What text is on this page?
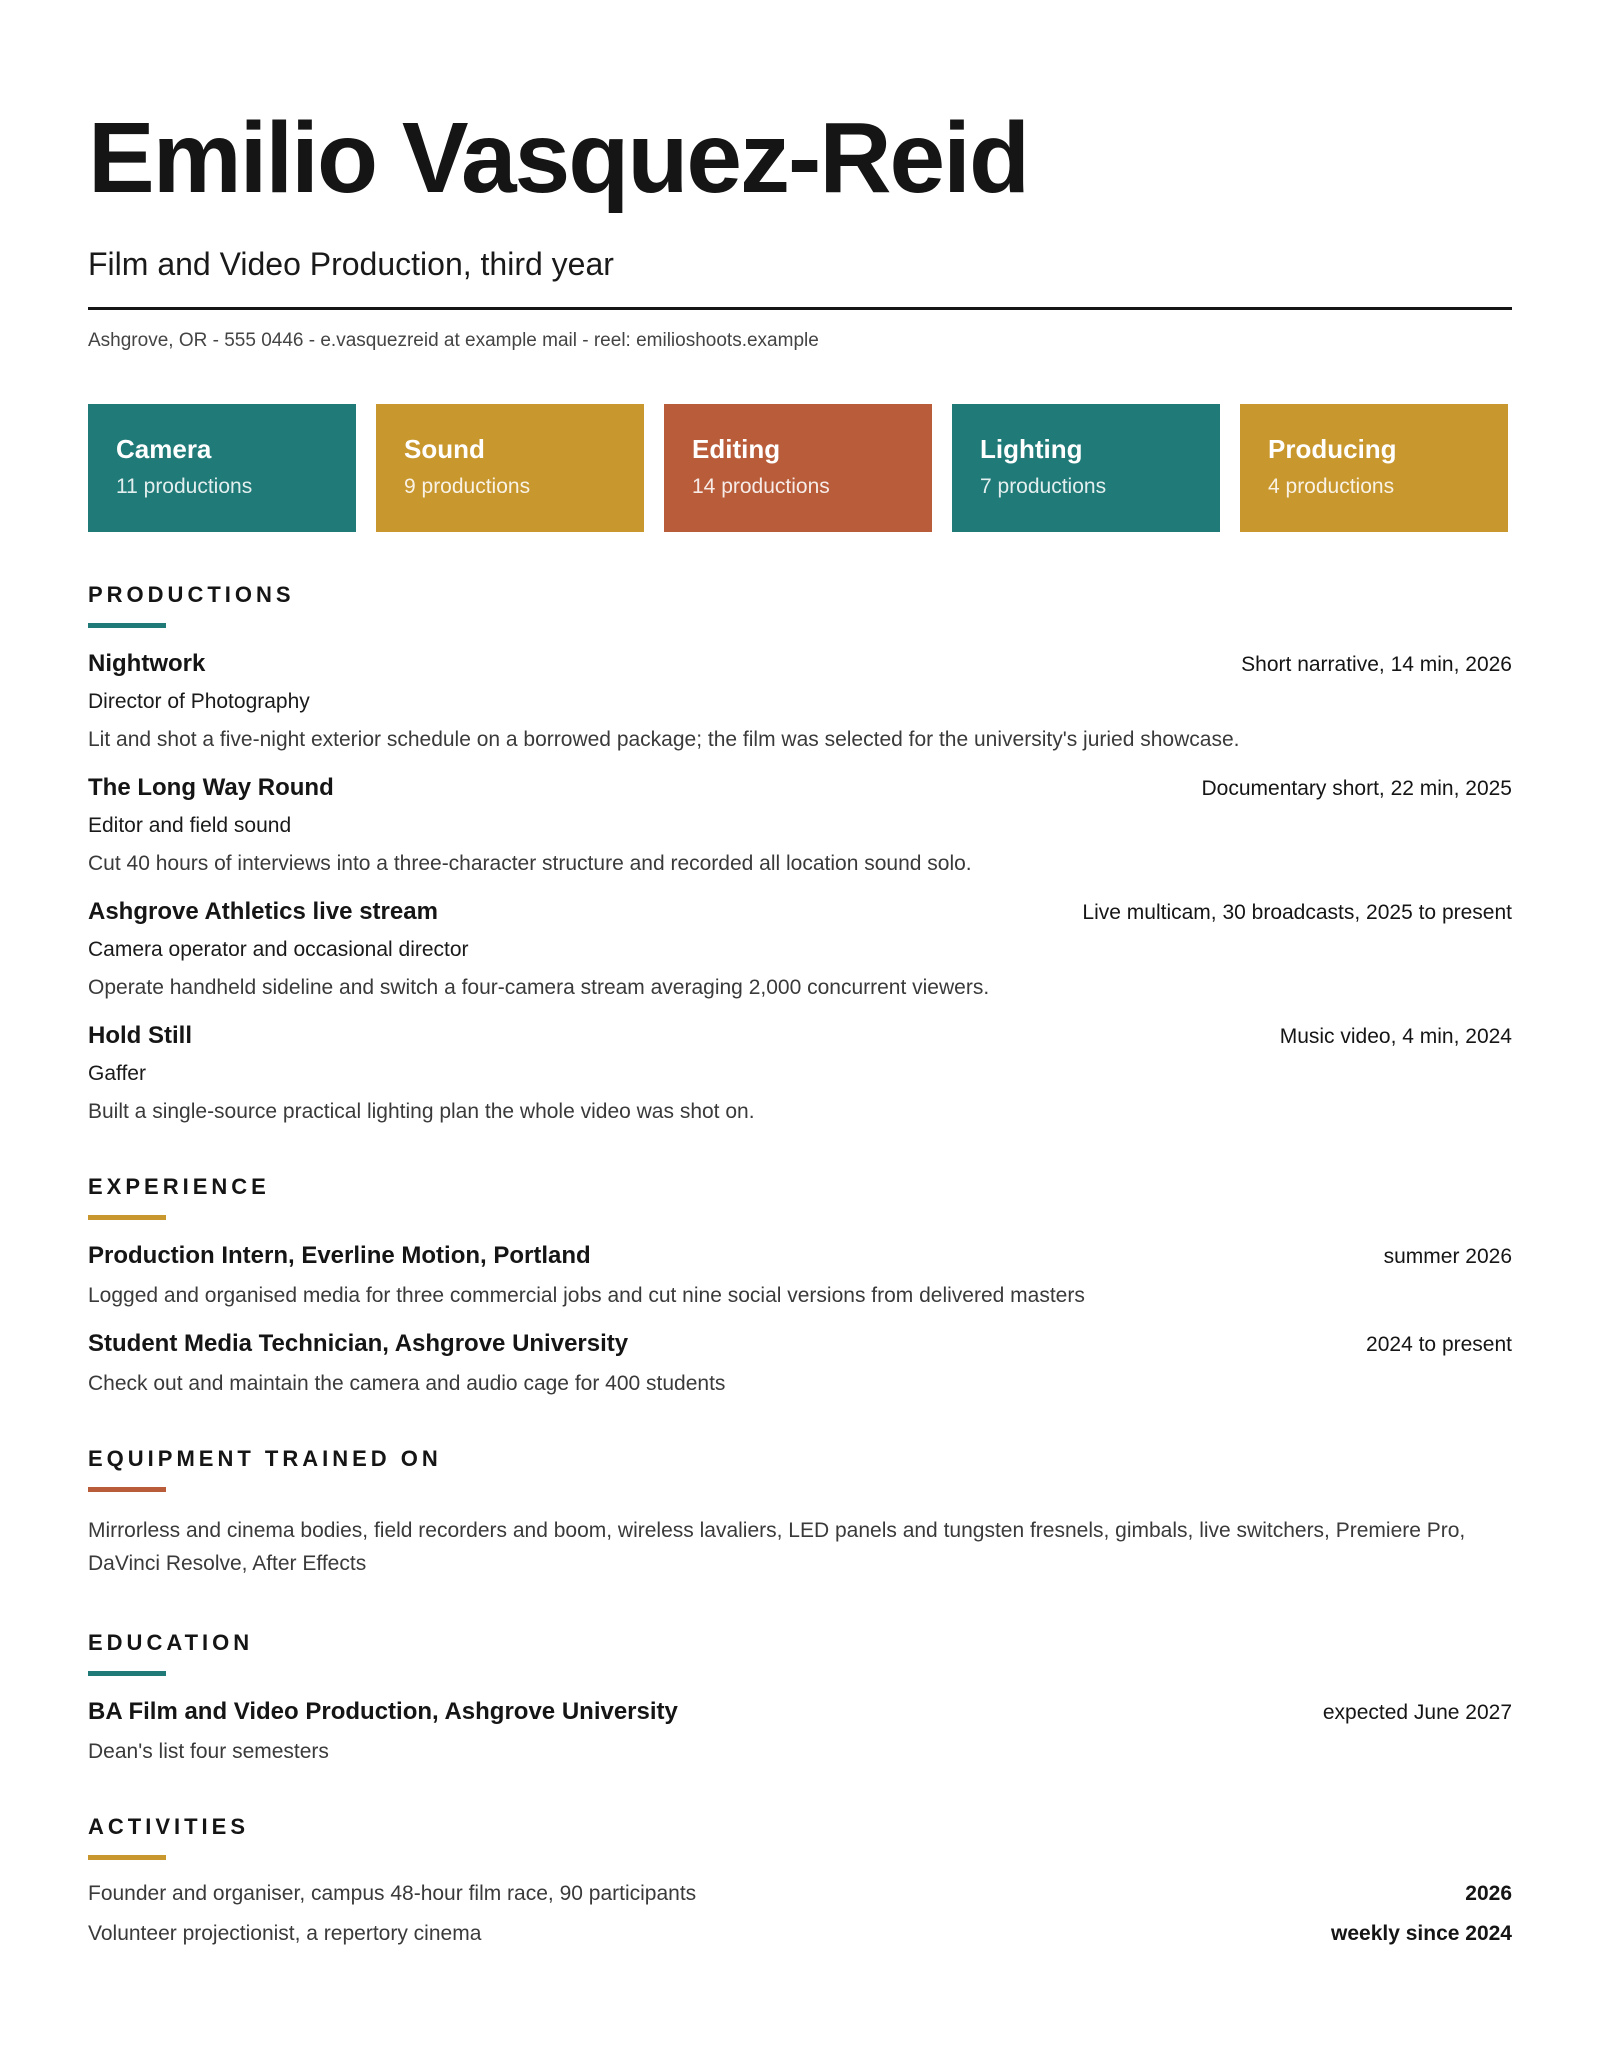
Emilio Vasquez-Reid
Film and Video Production, third year
Ashgrove, OR - 555 0446 - e.vasquezreid at example mail - reel: emilioshoots.example
Camera
11 productions
Sound
9 productions
Editing
14 productions
Lighting
7 productions
Producing
4 productions
PRODUCTIONS
Nightwork	Short narrative, 14 min, 2026
Director of Photography
Lit and shot a five-night exterior schedule on a borrowed package; the film was selected for the university's juried showcase.
The Long Way Round	Documentary short, 22 min, 2025
Editor and field sound
Cut 40 hours of interviews into a three-character structure and recorded all location sound solo.
Ashgrove Athletics live stream	Live multicam, 30 broadcasts, 2025 to present
Camera operator and occasional director
Operate handheld sideline and switch a four-camera stream averaging 2,000 concurrent viewers.
Hold Still	Music video, 4 min, 2024
Gaffer
Built a single-source practical lighting plan the whole video was shot on.
EXPERIENCE
Production Intern, Everline Motion, Portland	summer 2026
Logged and organised media for three commercial jobs and cut nine social versions from delivered masters
Student Media Technician, Ashgrove University	2024 to present
Check out and maintain the camera and audio cage for 400 students
EQUIPMENT TRAINED ON
Mirrorless and cinema bodies, field recorders and boom, wireless lavaliers, LED panels and tungsten fresnels, gimbals, live switchers, Premiere Pro, DaVinci Resolve, After Effects
EDUCATION
BA Film and Video Production, Ashgrove University	expected June 2027
Dean's list four semesters
ACTIVITIES
Founder and organiser, campus 48-hour film race, 90 participants	2026
Volunteer projectionist, a repertory cinema	weekly since 2024
